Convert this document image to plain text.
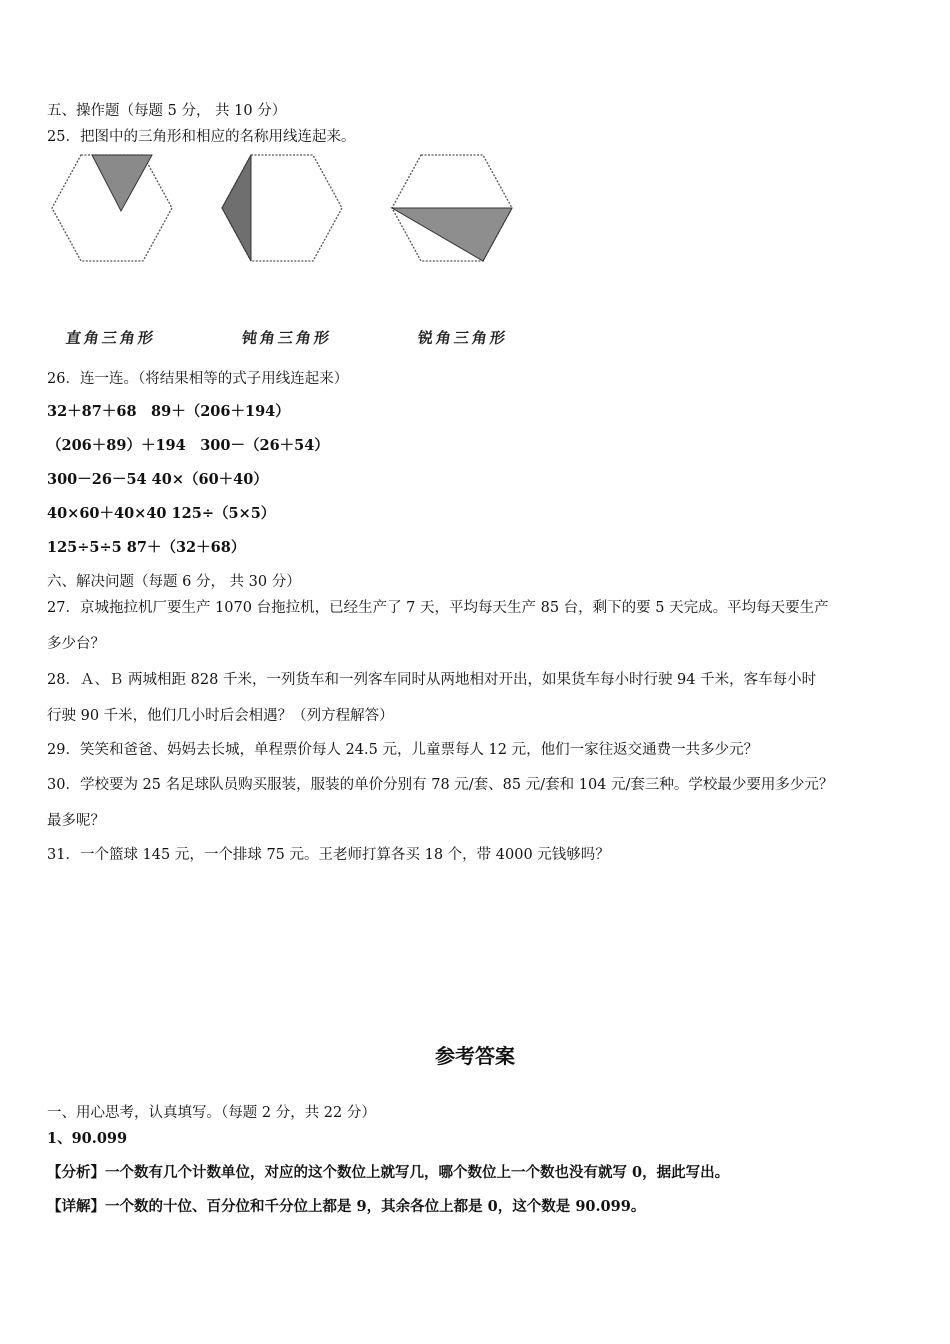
五、操作题（每题 5 分， 共 10 分）
25．把图中的三角形和相应的名称用线连起来。
直角三角形	钝角三角形	锐角三角形
26．连一连。（将结果相等的式子用线连起来）
32＋87＋68　89＋（206＋194）
（206＋89）＋194　300－（26＋54）
300－26－54 40×（60＋40）
40×60＋40×40 125÷（5×5）
125÷5÷5 87＋（32＋68）
六、解决问题（每题 6 分， 共 30 分）
27．京城拖拉机厂要生产 1070 台拖拉机，已经生产了 7 天，平均每天生产 85 台，剩下的要 5 天完成。平均每天要生产
多少台？
28．Ａ、Ｂ 两城相距 828 千米，一列货车和一列客车同时从两地相对开出，如果货车每小时行驶 94 千米，客车每小时
行驶 90 千米，他们几小时后会相遇？（列方程解答）
29．笑笑和爸爸、妈妈去长城，单程票价每人 24.5 元，儿童票每人 12 元，他们一家往返交通费一共多少元？
30．学校要为 25 名足球队员购买服装，服装的单价分别有 78 元/套、85 元/套和 104 元/套三种。学校最少要用多少元？
最多呢？
31．一个篮球 145 元，一个排球 75 元。王老师打算各买 18 个，带 4000 元钱够吗？
参考答案
一、用心思考，认真填写。（每题 2 分，共 22 分）
1、90.099
【分析】一个数有几个计数单位，对应的这个数位上就写几，哪个数位上一个数也没有就写 0，据此写出。
【详解】一个数的十位、百分位和千分位上都是 9，其余各位上都是 0，这个数是 90.099。
